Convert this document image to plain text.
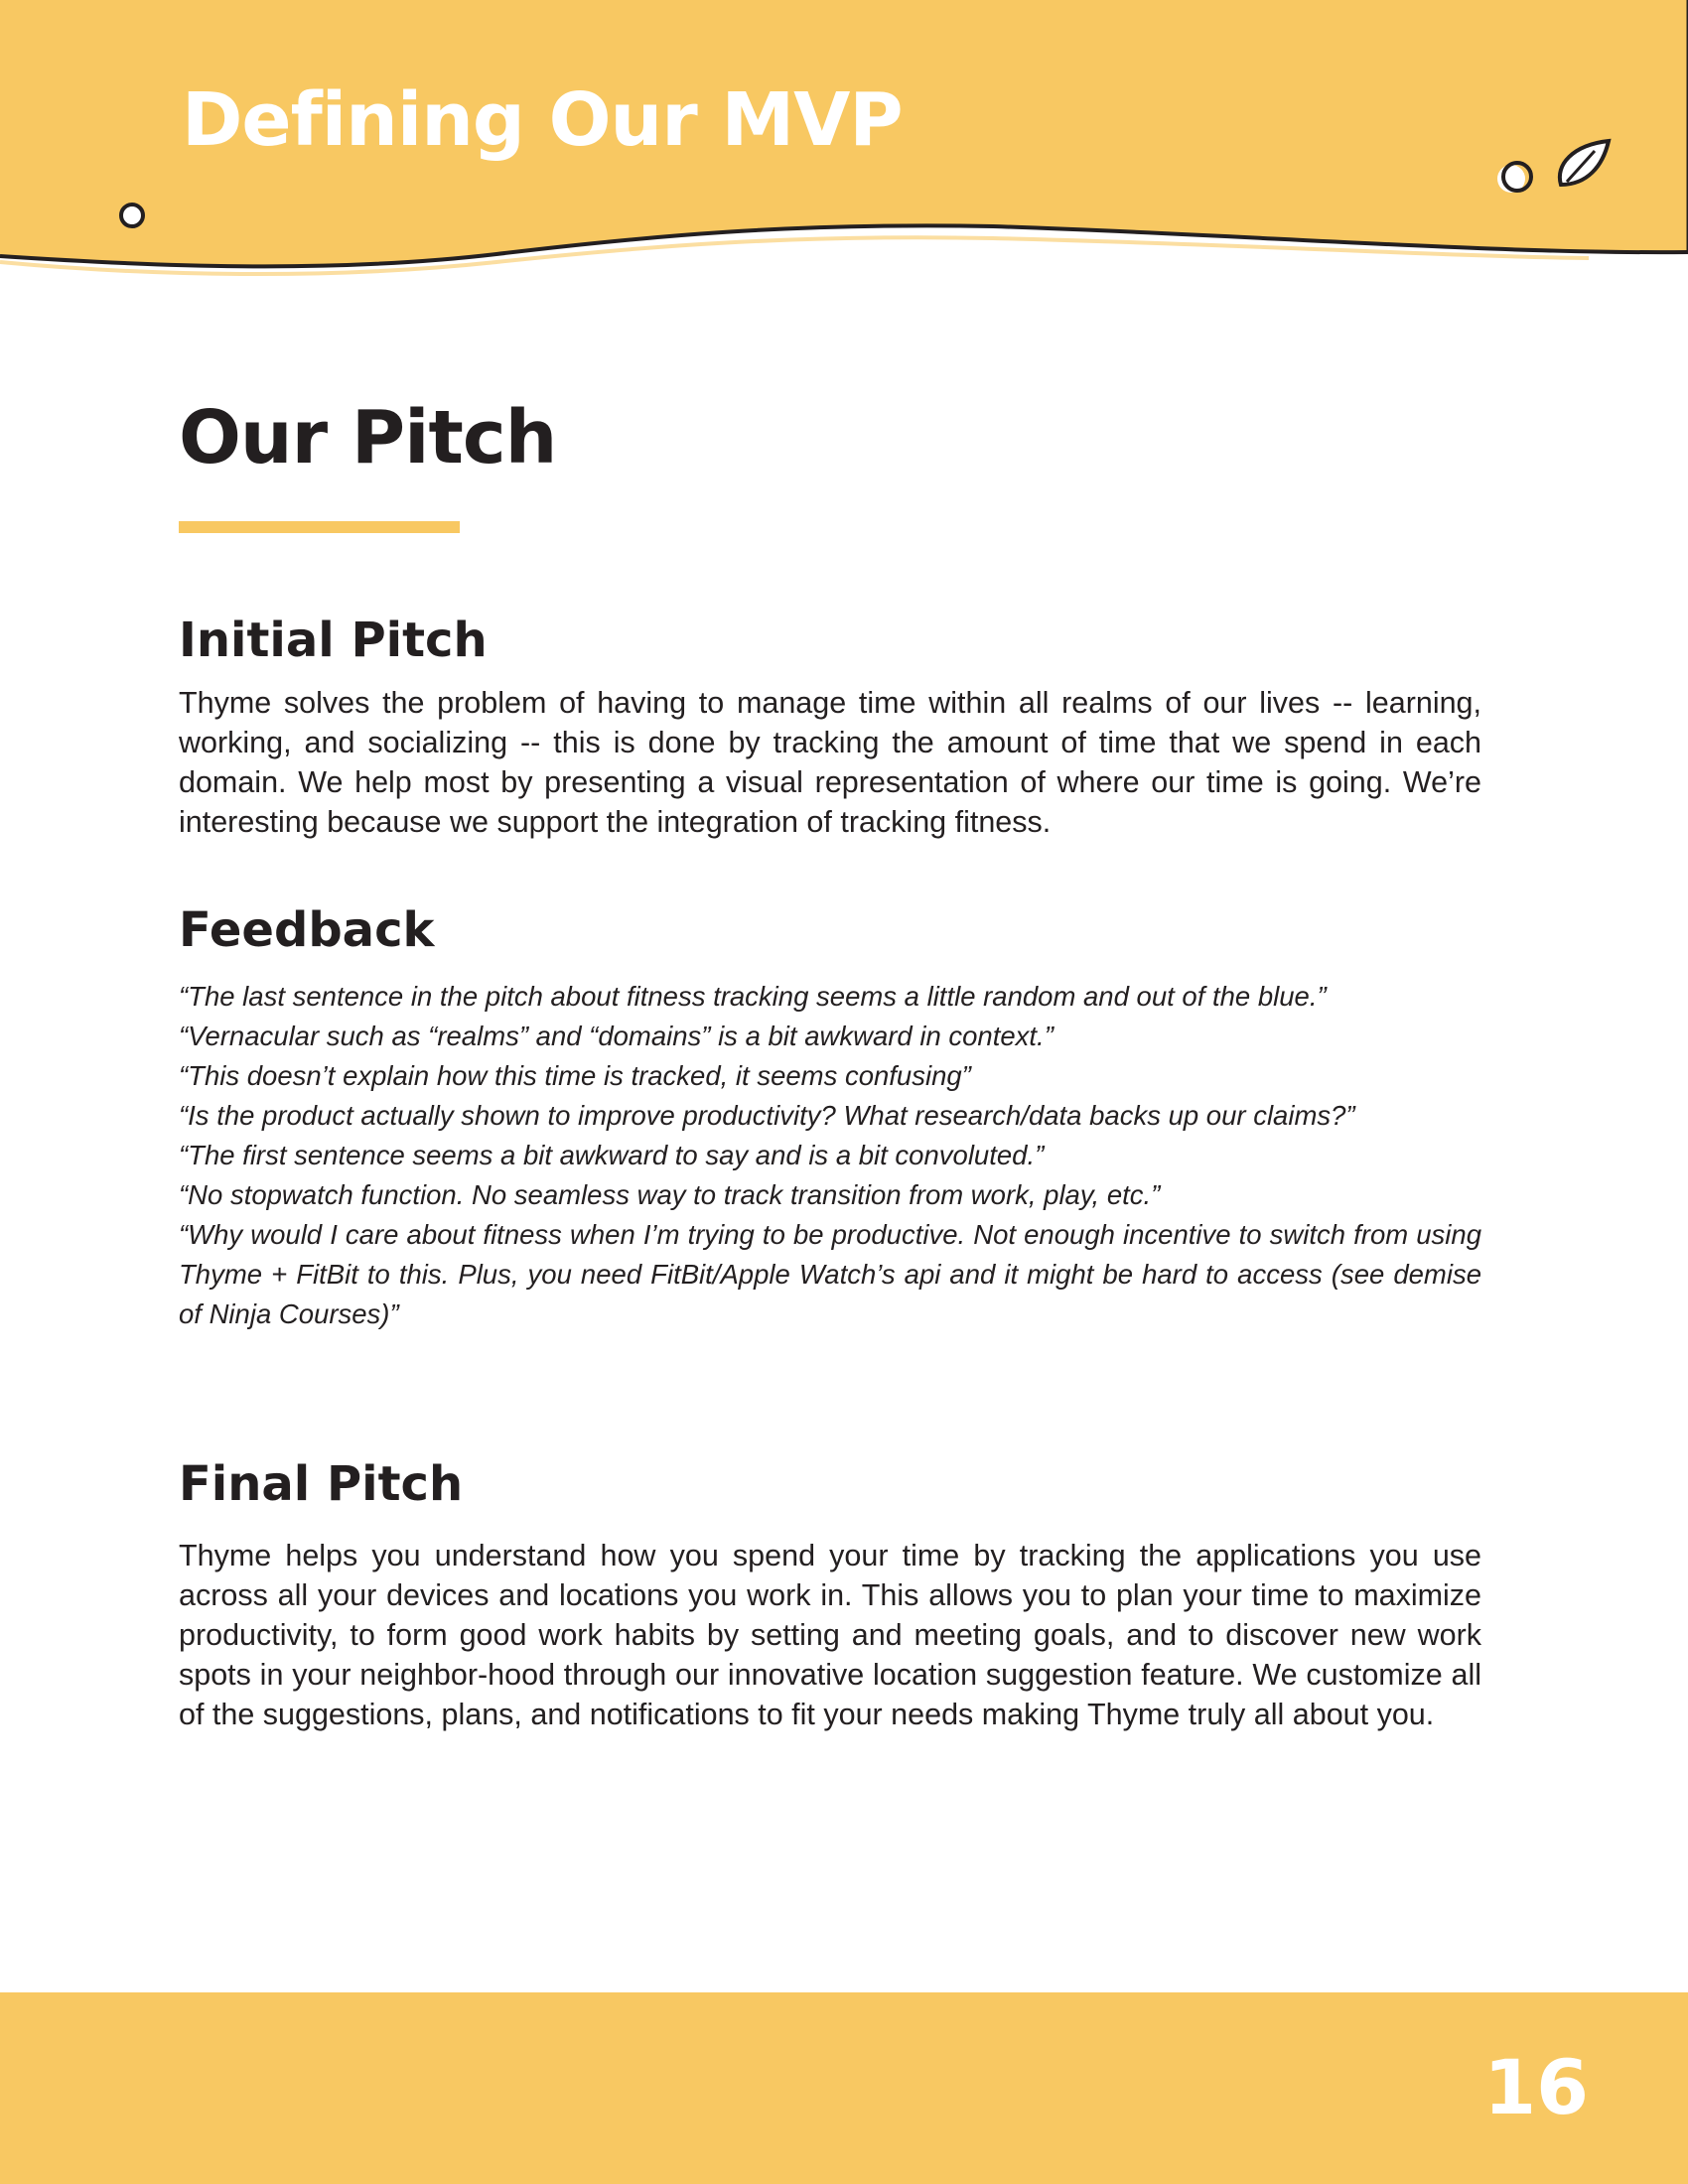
Defining Our MVP
Our Pitch
Initial Pitch

Thyme solves the problem of having to manage time within all realms of our lives -- learning, working, and socializing -- this is done by tracking the amount of time that we spend in each domain. We help most by presenting a visual representation of where our time is going. We’re interesting because we support the integration of tracking fitness.

Feedback
“The last sentence in the pitch about fitness tracking seems a little random and out of the blue.”
“Vernacular such as “realms” and “domains” is a bit awkward in context.”
“This doesn’t explain how this time is tracked, it seems confusing”
“Is the product actually shown to improve productivity? What research/data backs up our claims?”
“The first sentence seems a bit awkward to say and is a bit convoluted.”
“No stopwatch function. No seamless way to track transition from work, play, etc.”
“Why would I care about fitness when I’m trying to be productive. Not enough incentive to switch from using Thyme + FitBit to this. Plus, you need FitBit/Apple Watch’s api and it might be hard to access (see demise of Ninja Courses)”
Final Pitch

Thyme helps you understand how you spend your time by tracking the applications you use across all your devices and locations you work in. This allows you to plan your time to maximize productivity, to form good work habits by setting and meeting goals, and to discover new work spots in your neighbor-hood through our innovative location suggestion feature. We customize all of the suggestions, plans, and notifications to fit your needs making Thyme truly all about you.

16
